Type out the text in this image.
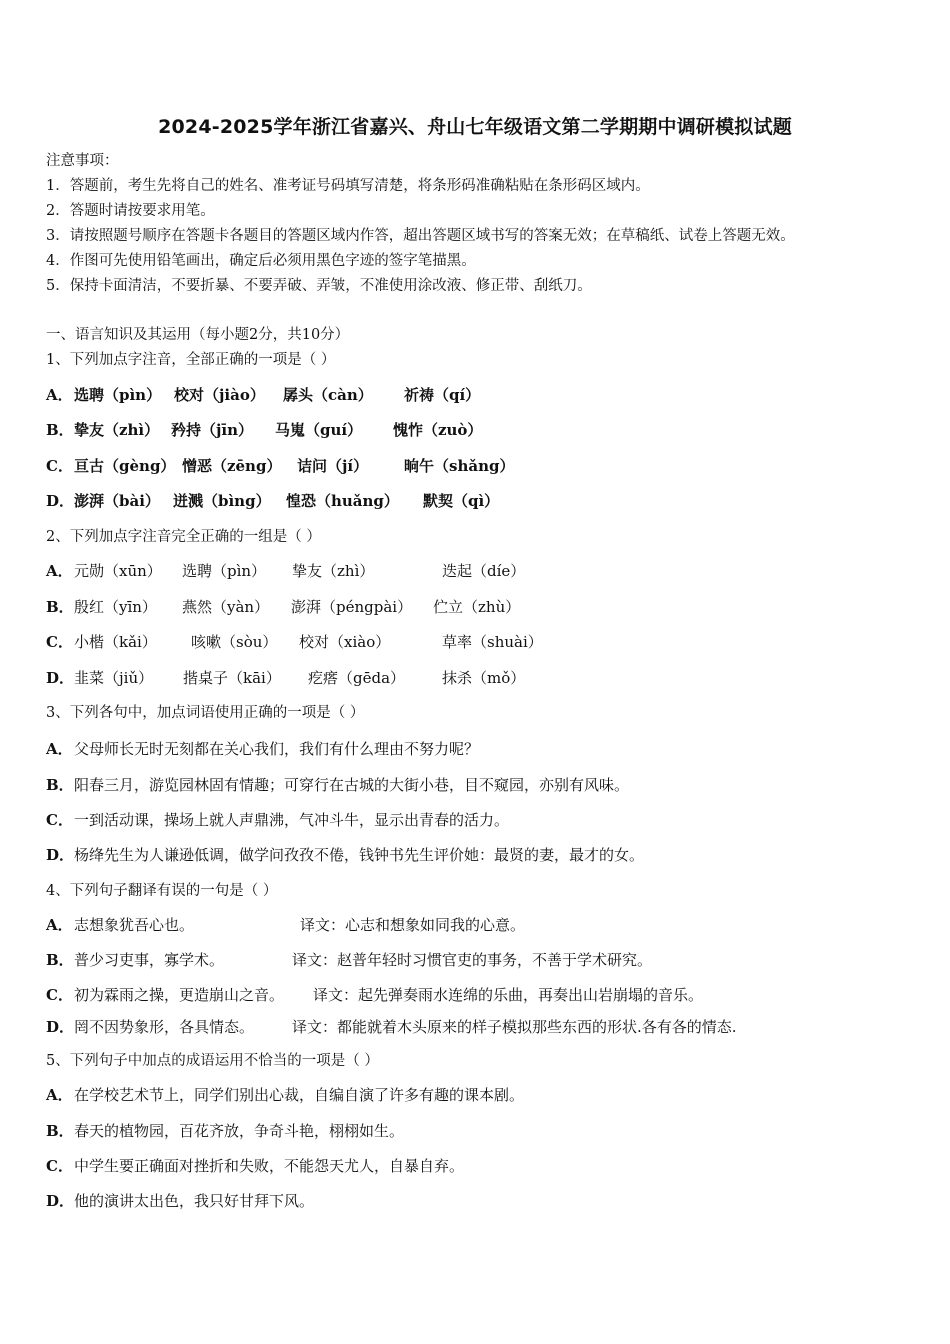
2024-2025学年浙江省嘉兴、舟山七年级语文第二学期期中调研模拟试题
注意事项：
1．答题前，考生先将自己的姓名、准考证号码填写清楚，将条形码准确粘贴在条形码区域内。
2．答题时请按要求用笔。
3．请按照题号顺序在答题卡各题目的答题区域内作答，超出答题区域书写的答案无效；在草稿纸、试卷上答题无效。
4．作图可先使用铅笔画出，确定后必须用黑色字迹的签字笔描黑。
5．保持卡面清洁，不要折暴、不要弄破、弄皱，不准使用涂改液、修正带、刮纸刀。
一、语言知识及其运用（每小题2分，共10分）
1、下列加点字注音，全部正确的一项是（ ）
A． 选聘（pìn） 校对（jiào） 孱头（càn） 祈祷（qí）
B． 挚友（zhì） 矜持（jīn） 马嵬（guí） 愧怍（zuò）
C． 亘古（gèng） 憎恶（zēng） 诘问（jí） 晌午（shǎng）
D． 澎湃（bài） 迸溅（bìng） 惶恐（huǎng） 默契（qì）
2、下列加点字注音完全正确的一组是（ ）
A． 元勋（xūn） 选聘（pìn） 挚友（zhì）	迭起（díe）
B． 殷红（yīn） 燕然（yàn） 澎湃（péngpài） 伫立（zhù）
C． 小楷（kǎi） 咳嗽（sòu） 校对（xiào）	草率（shuài）
D． 韭菜（jiǔ） 揩桌子（kāi） 疙瘩（gēda） 抹杀（mǒ）
3、下列各句中，加点词语使用正确的一项是（ ）
A．父母师长无时无刻都在关心我们，我们有什么理由不努力呢？
B．阳春三月，游览园林固有情趣；可穿行在古城的大街小巷，目不窥园，亦别有风味。
C．一到活动课，操场上就人声鼎沸，气冲斗牛，显示出青春的活力。
D．杨绛先生为人谦逊低调，做学问孜孜不倦，钱钟书先生评价她：最贤的妻，最才的女。
4、下列句子翻译有误的一句是（ ）
A． 志想象犹吾心也。	译文：心志和想象如同我的心意。
B． 普少习吏事，寡学术。	译文：赵普年轻时习惯官吏的事务，不善于学术研究。
C． 初为霖雨之操，更造崩山之音。 译文：起先弹奏雨水连绵的乐曲，再奏出山岩崩塌的音乐。
D． 罔不因势象形，各具情态。	译文：都能就着木头原来的样子模拟那些东西的形状.各有各的情态.
5、下列句子中加点的成语运用不恰当的一项是（ ）
A．在学校艺术节上，同学们别出心裁，自编自演了许多有趣的课本剧。
B．春天的植物园，百花齐放，争奇斗艳，栩栩如生。
C．中学生要正确面对挫折和失败，不能怨天尤人，自暴自弃。
D．他的演讲太出色，我只好甘拜下风。
